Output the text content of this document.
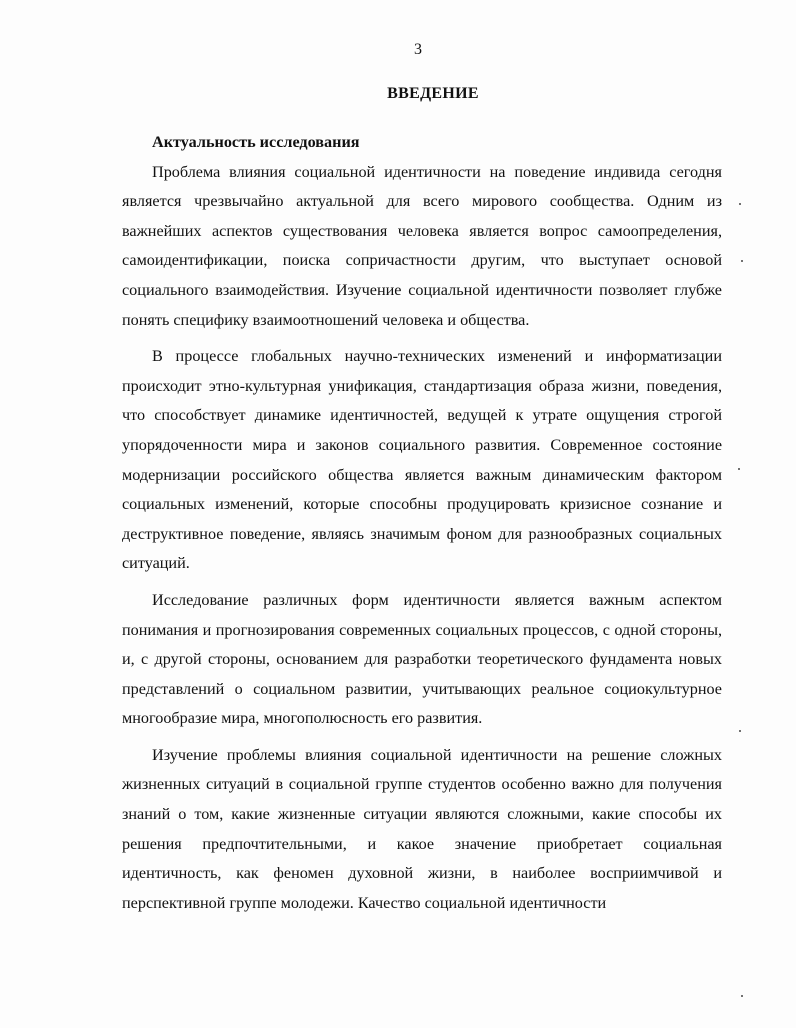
3
ВВЕДЕНИЕ

Актуальность исследования

Проблема влияния социальной идентичности на поведение индивида сегодня является чрезвычайно актуальной для всего мирового сообщества. Одним из важнейших аспектов существования человека является вопрос самоопределения, самоидентификации, поиска сопричастности другим, что выступает основой социального взаимодействия. Изучение социальной идентичности позволяет глубже понять специфику взаимоотношений человека и общества.

В процессе глобальных научно-технических изменений и информатизации происходит этно-культурная унификация, стандартизация образа жизни, поведения, что способствует динамике идентичностей, ведущей к утрате ощущения строгой упорядоченности мира и законов социального развития. Современное состояние модернизации российского общества является важным динамическим фактором социальных изменений, которые способны продуцировать кризисное сознание и деструктивное поведение, являясь значимым фоном для разнообразных социальных ситуаций.

Исследование различных форм идентичности является важным аспектом понимания и прогнозирования современных социальных процессов, с одной стороны, и, с другой стороны, основанием для разработки теоретического фундамента новых представлений о социальном развитии, учитывающих реальное социокультурное многообразие мира, многополюсность его развития.

Изучение проблемы влияния социальной идентичности на решение сложных жизненных ситуаций в социальной группе студентов особенно важно для получения знаний о том, какие жизненные ситуации являются сложными, какие способы их решения предпочтительными, и какое значение приобретает социальная идентичность, как феномен духовной жизни, в наиболее восприимчивой и перспективной группе молодежи. Качество социальной идентичности
